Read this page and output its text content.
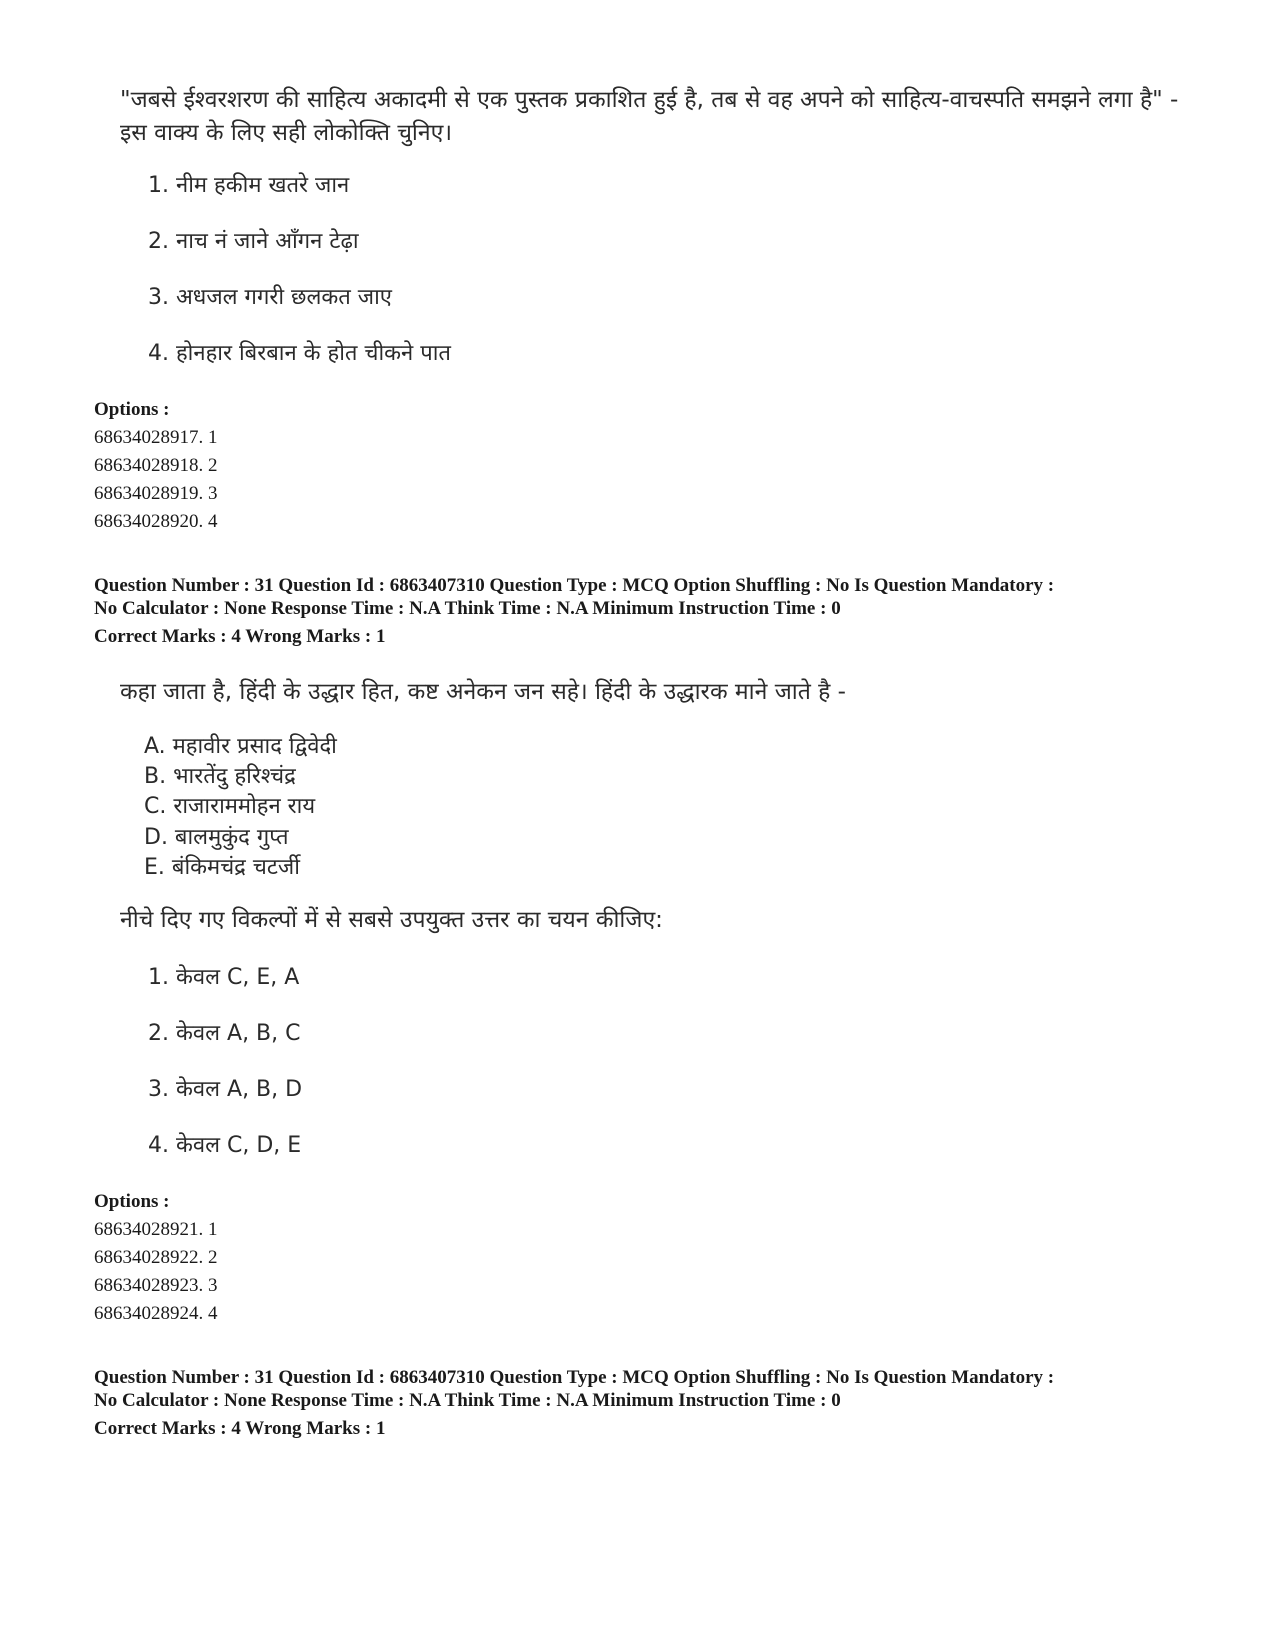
"जबसे ईश्वरशरण की साहित्य अकादमी से एक पुस्तक प्रकाशित हुई है, तब से वह अपने को साहित्य-वाचस्पति समझने लगा है" - इस वाक्य के लिए सही लोकोक्ति चुनिए।

1. नीम हकीम खतरे जान

2. नाच नं जाने आँगन टेढ़ा

3. अधजल गगरी छलकत जाए

4. होनहार बिरबान के होत चीकने पात

Options :

68634028917. 1

68634028918. 2

68634028919. 3

68634028920. 4

Question Number : 31 Question Id : 6863407310 Question Type : MCQ Option Shuffling : No Is Question Mandatory :

No Calculator : None Response Time : N.A Think Time : N.A Minimum Instruction Time : 0

Correct Marks : 4 Wrong Marks : 1

कहा जाता है, हिंदी के उद्धार हित, कष्ट अनेकन जन सहे। हिंदी के उद्धारक माने जाते है -

A. महावीर प्रसाद द्विवेदी

B. भारतेंदु हरिश्चंद्र

C. राजाराममोहन राय

D. बालमुकुंद गुप्त

E. बंकिमचंद्र चटर्जी

नीचे दिए गए विकल्पों में से सबसे उपयुक्त उत्तर का चयन कीजिए:

1. केवल C, E, A

2. केवल A, B, C

3. केवल A, B, D

4. केवल C, D, E

Options :

68634028921. 1

68634028922. 2

68634028923. 3

68634028924. 4

Question Number : 31 Question Id : 6863407310 Question Type : MCQ Option Shuffling : No Is Question Mandatory :

No Calculator : None Response Time : N.A Think Time : N.A Minimum Instruction Time : 0

Correct Marks : 4 Wrong Marks : 1
